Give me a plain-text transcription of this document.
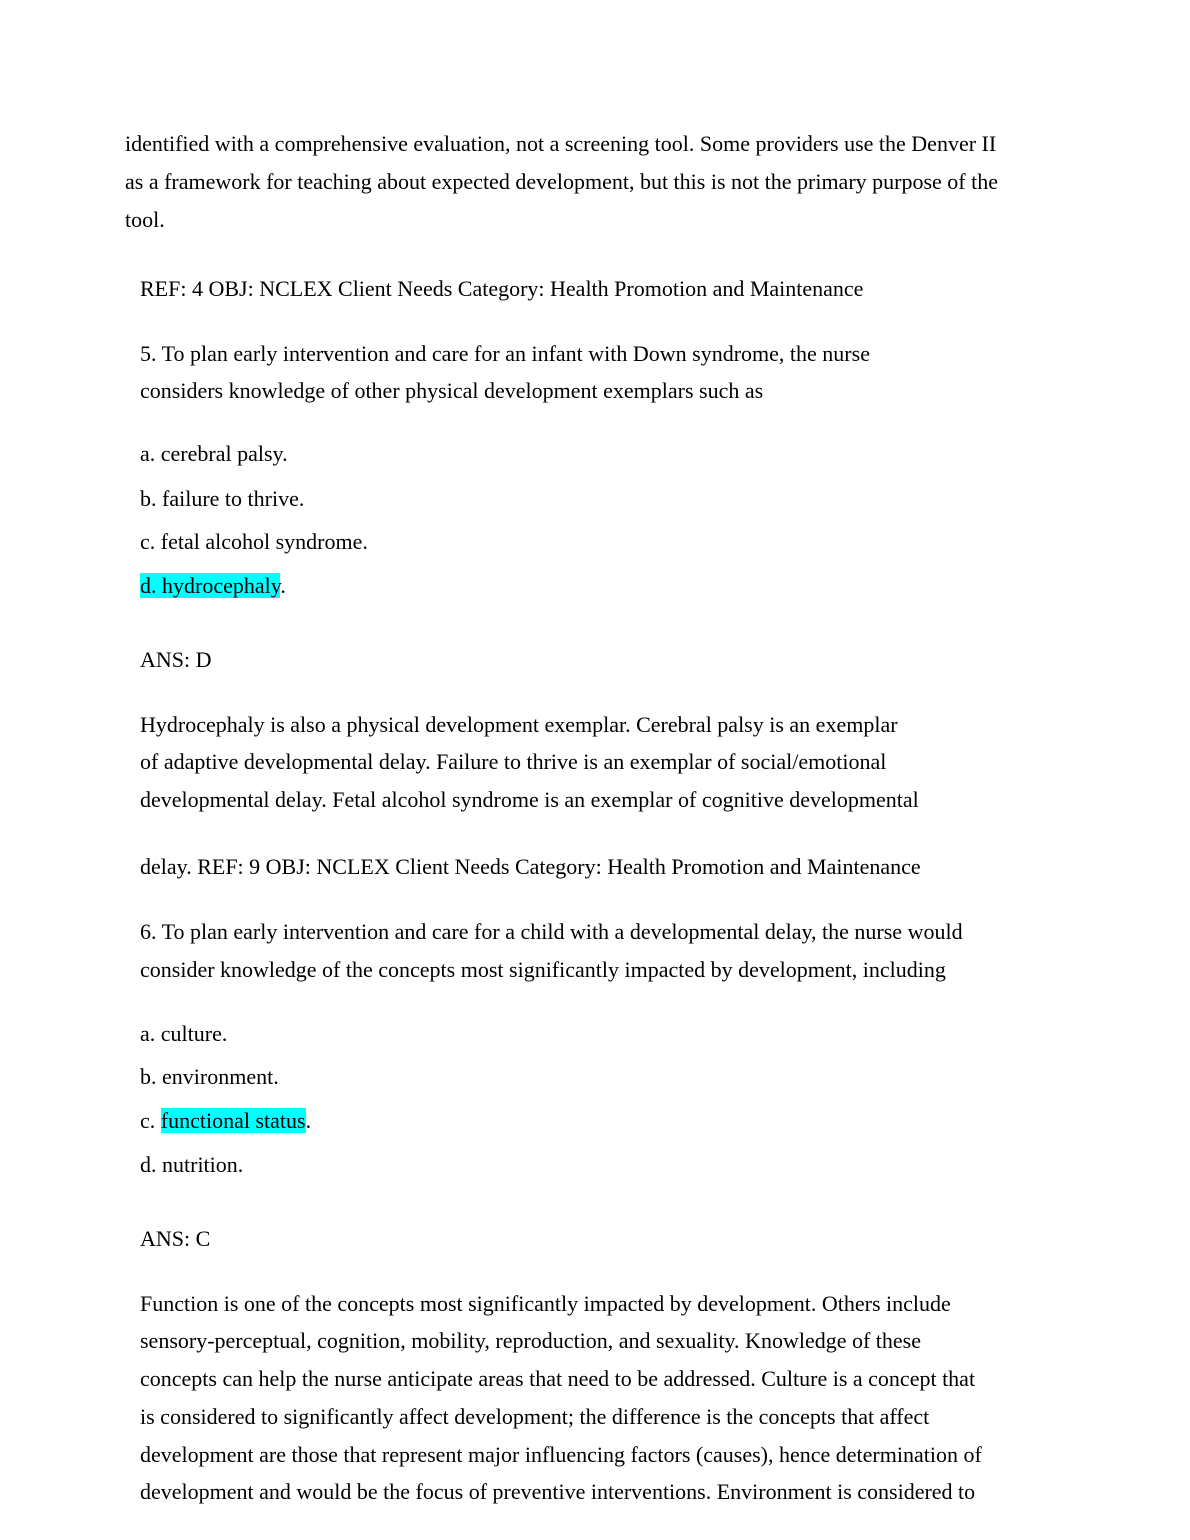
identified with a comprehensive evaluation, not a screening tool. Some providers use the Denver II
as a framework for teaching about expected development, but this is not the primary purpose of the
tool.
REF: 4 OBJ: NCLEX Client Needs Category: Health Promotion and Maintenance
5. To plan early intervention and care for an infant with Down syndrome, the nurse
considers knowledge of other physical development exemplars such as
a. cerebral palsy.
b. failure to thrive.
c. fetal alcohol syndrome.
d. hydrocephaly.
ANS: D
Hydrocephaly is also a physical development exemplar. Cerebral palsy is an exemplar
of adaptive developmental delay. Failure to thrive is an exemplar of social/emotional
developmental delay. Fetal alcohol syndrome is an exemplar of cognitive developmental
delay. REF: 9 OBJ: NCLEX Client Needs Category: Health Promotion and Maintenance
6. To plan early intervention and care for a child with a developmental delay, the nurse would
consider knowledge of the concepts most significantly impacted by development, including
a. culture.
b. environment.
c. functional status.
d. nutrition.
ANS: C
Function is one of the concepts most significantly impacted by development. Others include
sensory-perceptual, cognition, mobility, reproduction, and sexuality. Knowledge of these
concepts can help the nurse anticipate areas that need to be addressed. Culture is a concept that
is considered to significantly affect development; the difference is the concepts that affect
development are those that represent major influencing factors (causes), hence determination of
development and would be the focus of preventive interventions. Environment is considered to
